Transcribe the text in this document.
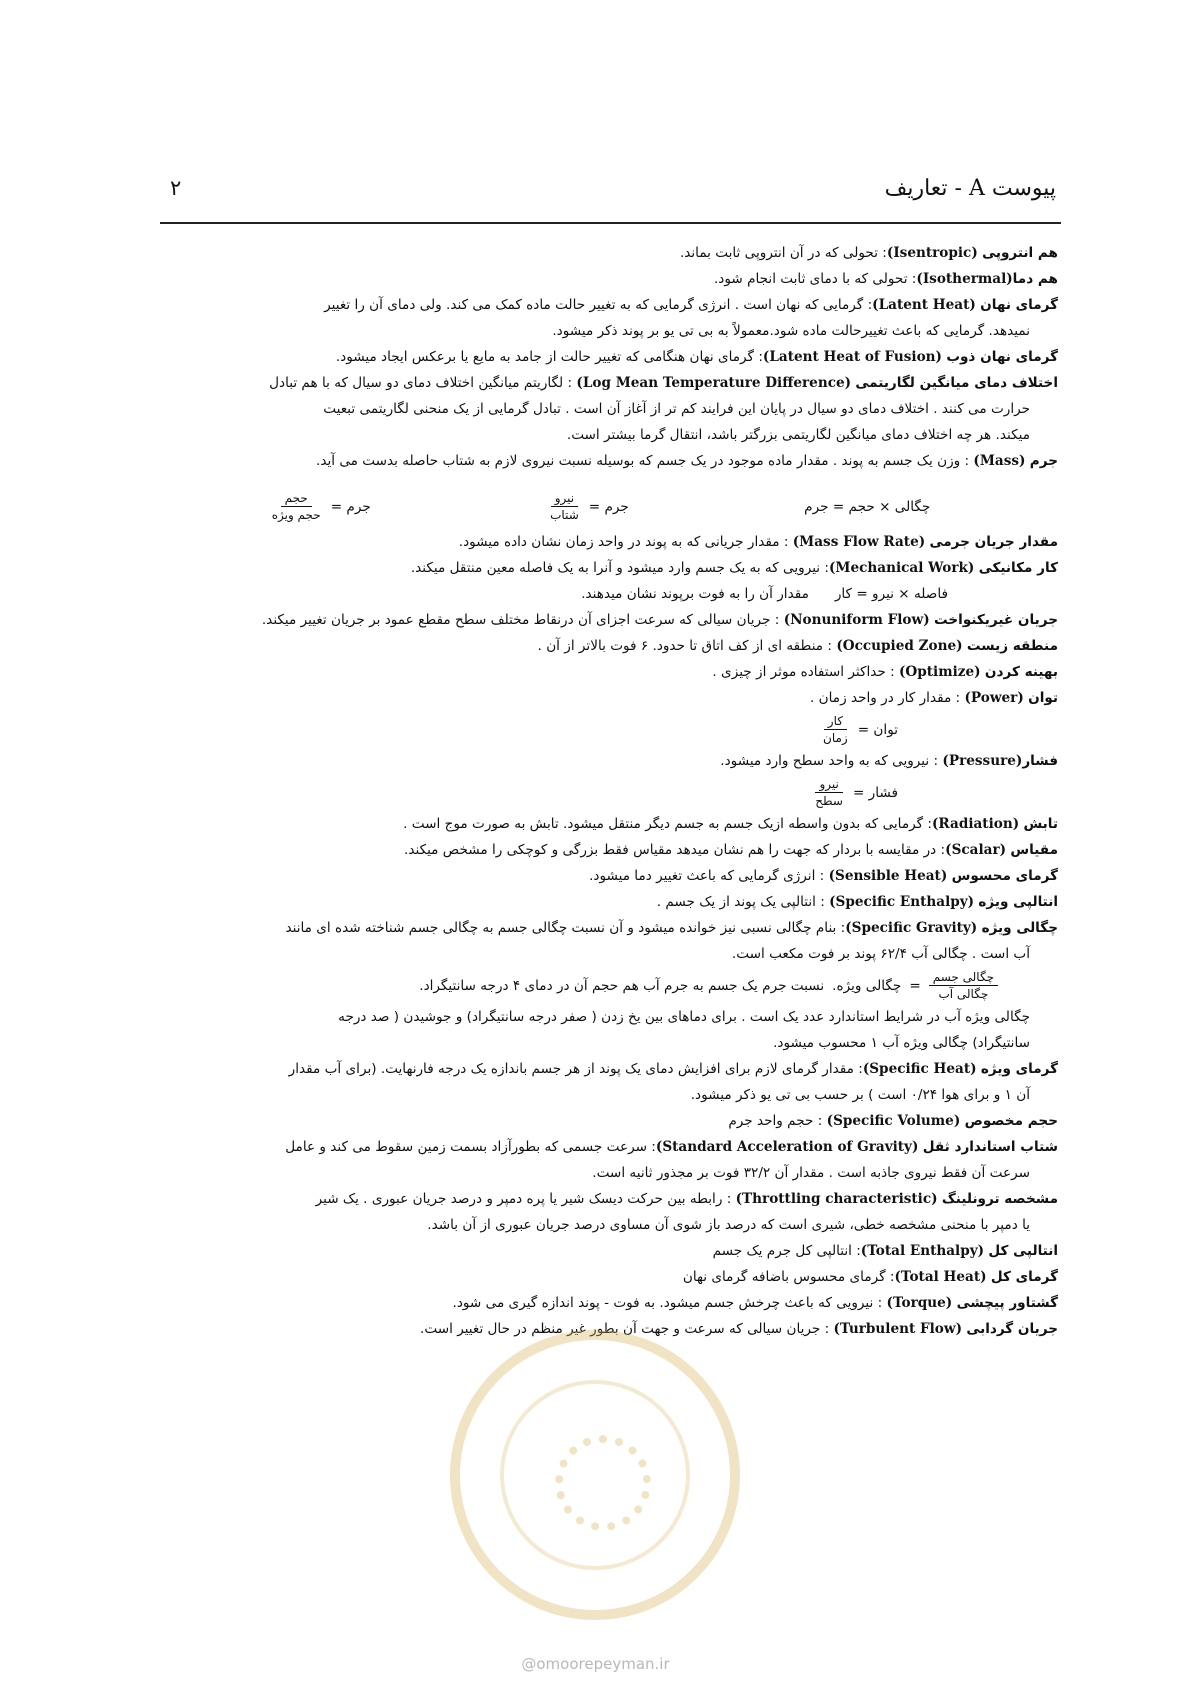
پیوست A - تعاریف
۲

هم انتروپی (Isentropic): تحولی که در آن انتروپی ثابت بماند.

هم دما(Isothermal): تحولی که با دمای ثابت انجام شود.

گرمای نهان (Latent Heat): گرمایی که نهان است . انرژی گرمایی که به تغییر حالت ماده کمک می کند. ولی دمای آن را تغییر

نمیدهد. گرمایی که باعث تغییرحالت ماده شود.معمولاً به بی تی یو بر پوند ذکر میشود.

گرمای نهان ذوب (Latent Heat of Fusion): گرمای نهان هنگامی که تغییر حالت از جامد به مایع یا برعکس ایجاد میشود.

اختلاف دمای میانگین لگاریتمی (Log Mean Temperature Difference) : لگاریتم میانگین اختلاف دمای دو سیال که با هم تبادل

حرارت می کنند . اختلاف دمای دو سیال در پایان این فرایند کم تر از آغاز آن است . تبادل گرمایی از یک منحنی لگاریتمی تبعیت

میکند. هر چه اختلاف دمای میانگین لگاریتمی بزرگتر باشد، انتقال گرما بیشتر است.

جرم (Mass) : وزن یک جسم به پوند . مقدار ماده موجود در یک جسم که بوسیله نسبت نیروی لازم به شتاب حاصله بدست می آید.

چگالی × حجم = جرم
جرم =
$\frac{\text{نیرو}}{\text{شتاب}}$
جرم =
$\frac{\text{حجم}}{\text{حجم ویژه}}$

مقدار جریان جرمی (Mass Flow Rate) : مقدار جریانی که به پوند در واحد زمان نشان داده میشود.

کار مکانیکی (Mechanical Work): نیرویی که به یک جسم وارد میشود و آنرا به یک فاصله معین منتقل میکند.

فاصله × نیرو = کار      مقدار آن را به فوت برپوند نشان میدهند.

جریان غیریکنواخت (Nonuniform Flow) : جریان سیالی که سرعت اجزای آن درنقاط مختلف سطح مقطع عمود بر جریان تغییر میکند.

منطقه زیست (Occupied Zone) : منطقه ای از کف اتاق تا حدود. ۶ فوت بالاتر از آن .

بهینه کردن (Optimize) : حداکثر استفاده موثر از چیزی .

توان (Power) : مقدار کار در واحد زمان .

توان =
$\frac{\text{کار}}{\text{زمان}}$

فشار(Pressure) : نیرویی که به واحد سطح وارد میشود.

فشار =
$\frac{\text{نیرو}}{\text{سطح}}$

تابش (Radiation): گرمایی که بدون واسطه ازیک جسم به جسم دیگر منتقل میشود. تابش به صورت موج است .

مقیاس (Scalar): در مقایسه با بردار که جهت را هم نشان میدهد مقیاس فقط بزرگی و کوچکی را مشخص میکند.

گرمای محسوس (Sensible Heat) : انرژی گرمایی که باعث تغییر دما میشود.

انتالپی ویژه (Specific Enthalpy) : انتالپی یک پوند از یک جسم .

چگالی ویژه (Specific Gravity): بنام چگالی نسبی نیز خوانده میشود و آن نسبت چگالی جسم به چگالی جسم شناخته شده ای مانند

آب است . چگالی آب ۶۲/۴ پوند بر فوت مکعب است.

$\frac{\text{چگالی جسم}}{\text{چگالی آب}}$
=
چگالی ویژه.
نسبت جرم یک جسم به جرم آب هم حجم آن در دمای ۴ درجه سانتیگراد.

چگالی ویژه آب در شرایط استاندارد عدد یک است . برای دماهای بین یخ زدن ( صفر درجه سانتیگراد) و جوشیدن ( صد درجه

سانتیگراد) چگالی ویژه آب ۱ محسوب میشود.

گرمای ویژه (Specific Heat): مقدار گرمای لازم برای افزایش دمای یک پوند از هر جسم باندازه یک درجه فارنهایت. (برای آب مقدار

آن ۱ و برای هوا ۰/۲۴ است ) بر حسب بی تی یو ذکر میشود.

حجم مخصوص (Specific Volume) : حجم واحد جرم

شتاب استاندارد ثقل (Standard Acceleration of Gravity): سرعت جسمی که بطورآزاد بسمت زمین سقوط می کند و عامل

سرعت آن فقط نیروی جاذبه است . مقدار آن ۳۲/۲ فوت بر مجذور ثانیه است.

مشخصه ترونلینگ (Throttling characteristic) : رابطه بین حرکت دیسک شیر یا پره دمپر و درصد جریان عبوری . یک شیر

یا دمپر با منحنی مشخصه خطی، شیری است که درصد باز شوی آن مساوی درصد جریان عبوری از آن باشد.

انتالپی کل (Total Enthalpy): انتالپی کل جرم یک جسم

گرمای کل (Total Heat): گرمای محسوس باضافه گرمای نهان

گشتاور پیچشی (Torque) : نیرویی که باعث چرخش جسم میشود. به فوت - پوند اندازه گیری می شود.

جریان گردابی (Turbulent Flow) : جریان سیالی که سرعت و جهت آن بطور غیر منظم در حال تغییر است.

@omoorepeyman.ir
